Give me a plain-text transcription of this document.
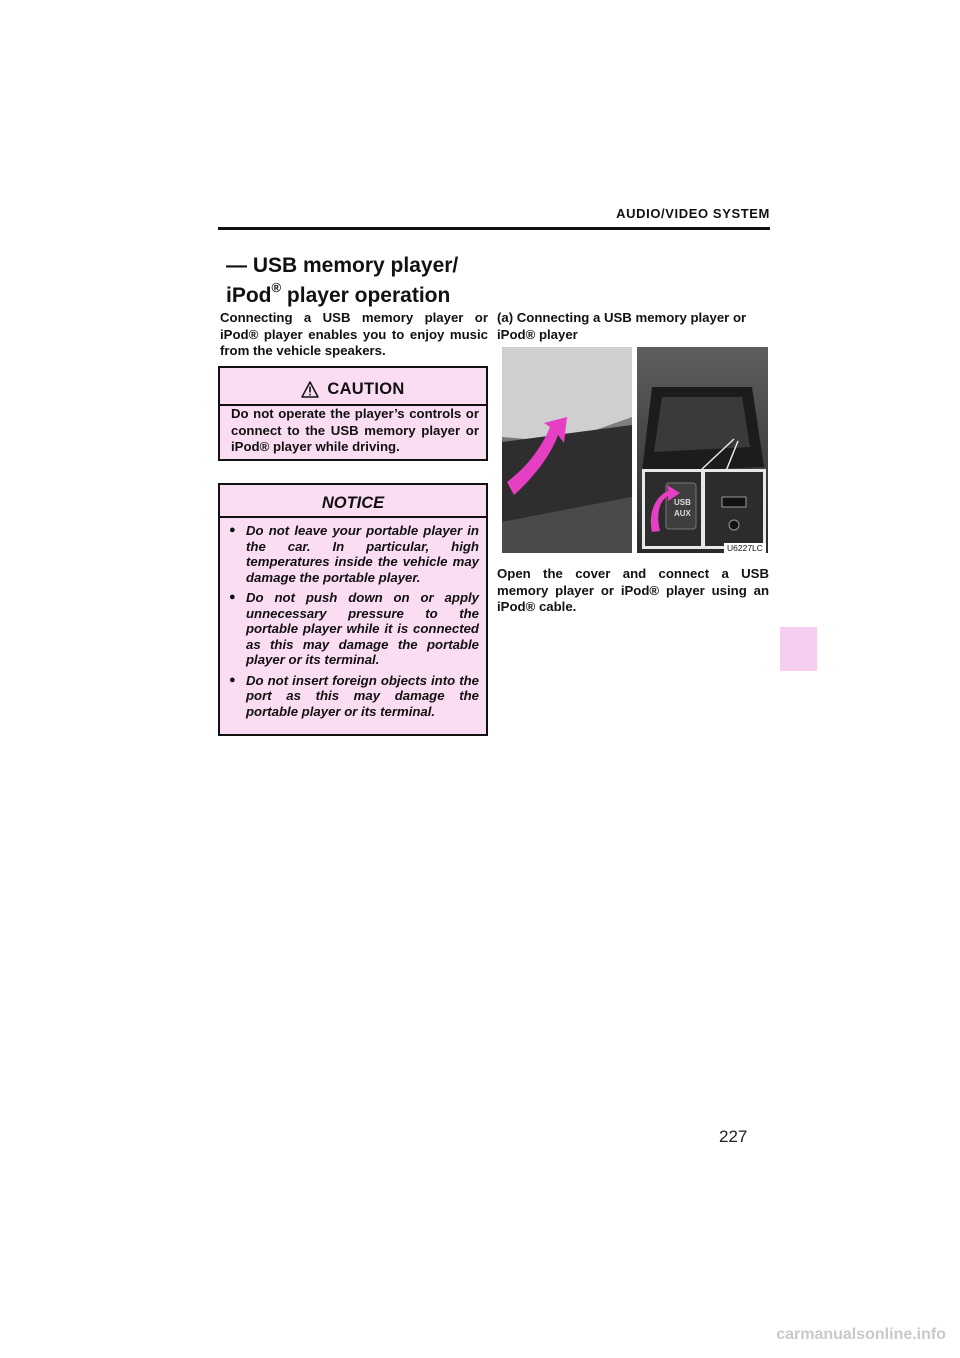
AUDIO/VIDEO SYSTEM
— USB memory player/
iPod® player operation
Connecting a USB memory player or iPod® player enables you to enjoy music from the vehicle speakers.
CAUTION
Do not operate the player’s controls or connect to the USB memory player or iPod® player while driving.
NOTICE
● Do not leave your portable player in the car. In particular, high temperatures inside the vehicle may damage the portable player.
● Do not push down on or apply unnecessary pressure to the portable player while it is connected as this may damage the portable player or its terminal.
● Do not insert foreign objects into the port as this may damage the portable player or its terminal.
(a) Connecting a USB memory player or iPod® player
USB
AUX
U6227LC
Open the cover and connect a USB memory player or iPod® player using an iPod® cable.
227
carmanualsonline.info
